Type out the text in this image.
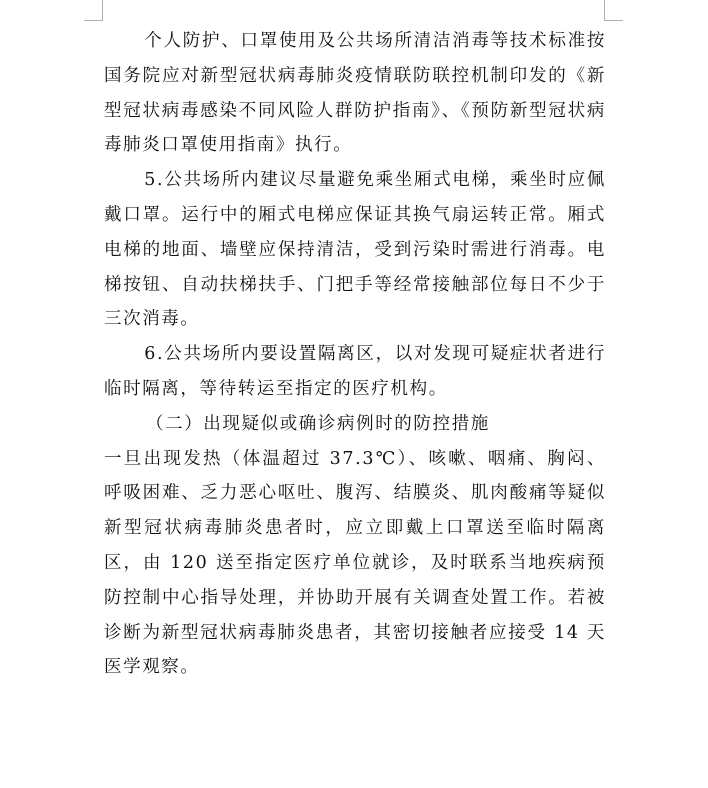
个人防护、口罩使用及公共场所清洁消毒等技术标准按国务院应对新型冠状病毒肺炎疫情联防联控机制印发的《新型冠状病毒感染不同风险人群防护指南》、《预防新型冠状病毒肺炎口罩使用指南》执行。

5.公共场所内建议尽量避免乘坐厢式电梯，乘坐时应佩戴口罩。运行中的厢式电梯应保证其换气扇运转正常。厢式电梯的地面、墙壁应保持清洁，受到污染时需进行消毒。电梯按钮、自动扶梯扶手、门把手等经常接触部位每日不少于三次消毒。

6.公共场所内要设置隔离区，以对发现可疑症状者进行临时隔离，等待转运至指定的医疗机构。

（二）出现疑似或确诊病例时的防控措施

一旦出现发热（体温超过 37.3℃）、咳嗽、咽痛、胸闷、呼吸困难、乏力恶心呕吐、腹泻、结膜炎、肌肉酸痛等疑似新型冠状病毒肺炎患者时，应立即戴上口罩送至临时隔离区，由 120 送至指定医疗单位就诊，及时联系当地疾病预防控制中心指导处理，并协助开展有关调查处置工作。若被诊断为新型冠状病毒肺炎患者，其密切接触者应接受 14 天医学观察。
